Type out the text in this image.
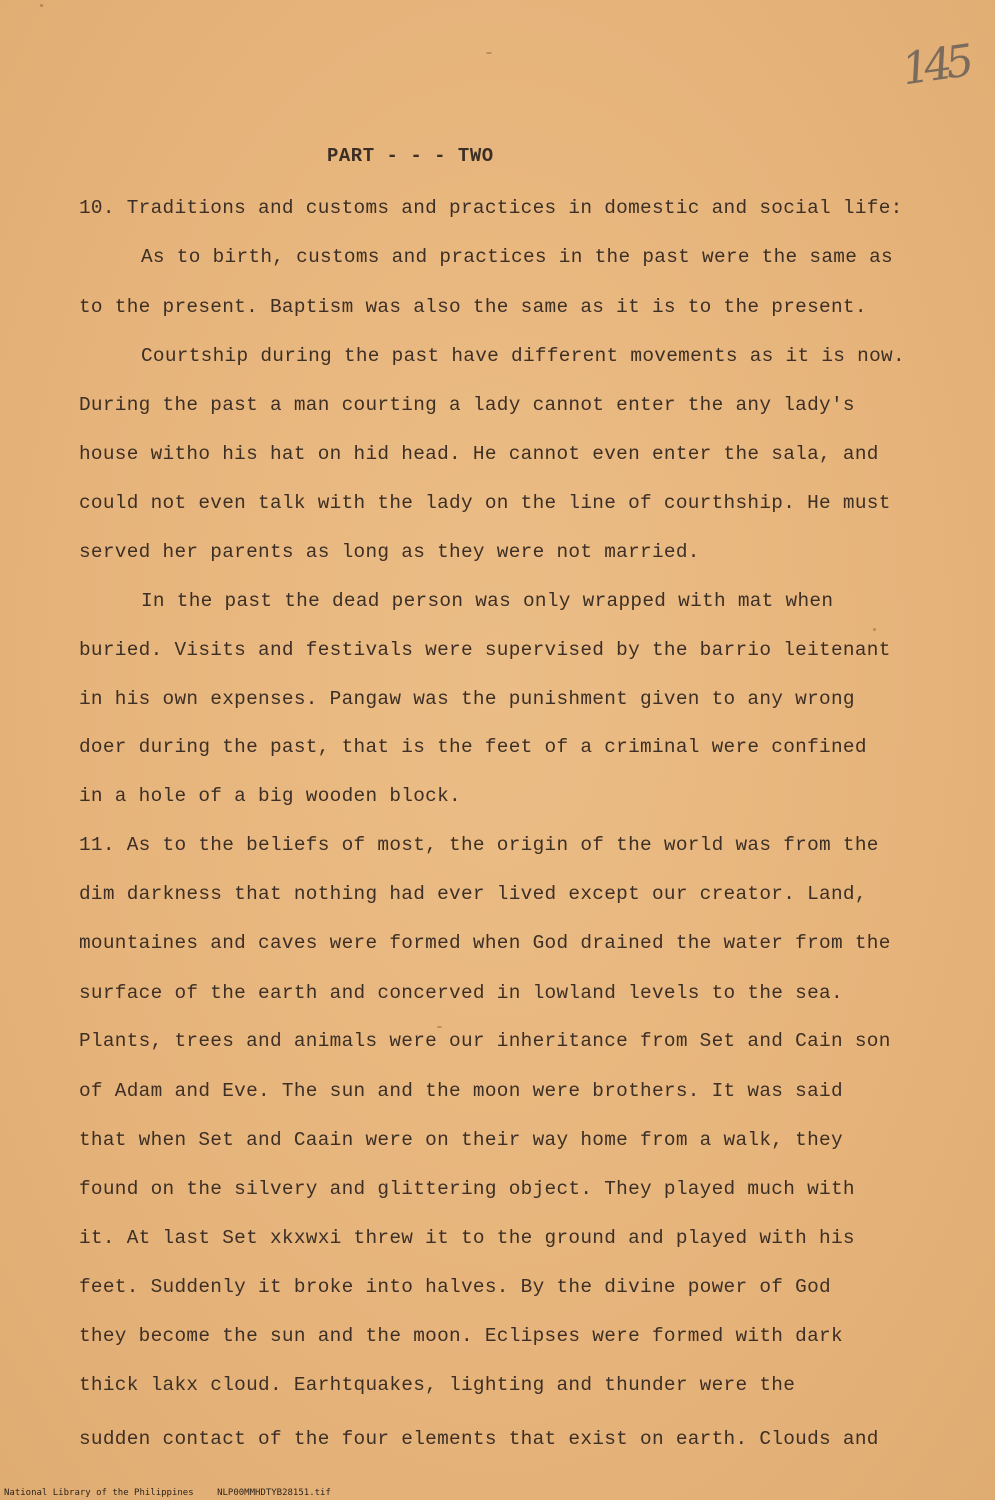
145
PART - - - TWO
10. Traditions and customs and practices in domestic and social life:
As to birth, customs and practices in the past were the same as
to the present. Baptism was also the same as it is to the present.
Courtship during the past have different movements as it is now.
During the past a man courting a lady cannot enter the any lady's
house witho his hat on hid head. He cannot even enter the sala, and
could not even talk with the lady on the line of courthship. He must
served her parents as long as they were not married.
In the past the dead person was only wrapped with mat when
buried. Visits and festivals were supervised by the barrio leitenant
in his own expenses. Pangaw was the punishment given to any wrong
doer during the past, that is the feet of a criminal were confined
in a hole of a big wooden block.
11. As to the beliefs of most, the origin of the world was from the
dim darkness that nothing had ever lived except our creator. Land,
mountaines and caves were formed when God drained the water from the
surface of the earth and concerved in lowland levels to the sea.
Plants, trees and animals were our inheritance from Set and Cain son
of Adam and Eve. The sun and the moon were brothers. It was said
that when Set and Caain were on their way home from a walk, they
found on the silvery and glittering object. They played much with
it. At last Set xkxwxi threw it to the ground and played with his
feet. Suddenly it broke into halves. By the divine power of God
they become the sun and the moon. Eclipses were formed with dark
thick lakx cloud. Earhtquakes, lighting and thunder were the
sudden contact of the four elements that exist on earth. Clouds and
National Library of the Philippines	NLP00MMHDTYB28151.tif
